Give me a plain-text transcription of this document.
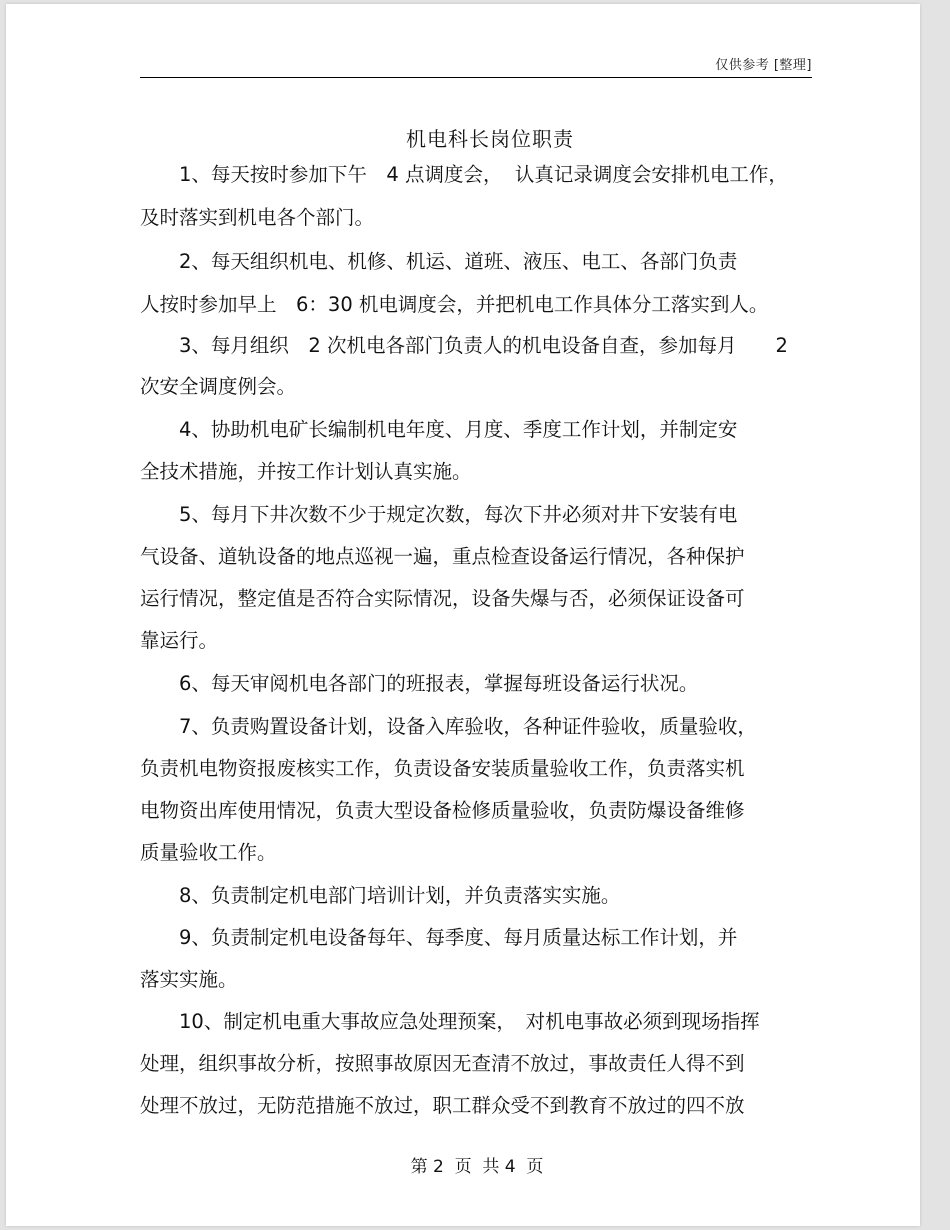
仅供参考 [整理]
机电科长岗位职责
　　1、每天按时参加下午　4 点调度会，  认真记录调度会安排机电工作，
及时落实到机电各个部门。
　　2、每天组织机电、机修、机运、道班、液压、电工、各部门负责
人按时参加早上　6：30 机电调度会，并把机电工作具体分工落实到人。
　　3、每月组织　2 次机电各部门负责人的机电设备自查，参加每月　　2
次安全调度例会。
　　4、协助机电矿长编制机电年度、月度、季度工作计划，并制定安
全技术措施，并按工作计划认真实施。
　　5、每月下井次数不少于规定次数，每次下井必须对井下安装有电
气设备、道轨设备的地点巡视一遍，重点检查设备运行情况，各种保护
运行情况，整定值是否符合实际情况，设备失爆与否，必须保证设备可
靠运行。
　　6、每天审阅机电各部门的班报表，掌握每班设备运行状况。
　　7、负责购置设备计划，设备入库验收，各种证件验收，质量验收，
负责机电物资报废核实工作，负责设备安装质量验收工作，负责落实机
电物资出库使用情况，负责大型设备检修质量验收，负责防爆设备维修
质量验收工作。
　　8、负责制定机电部门培训计划，并负责落实实施。
　　9、负责制定机电设备每年、每季度、每月质量达标工作计划，并
落实实施。
　　10、制定机电重大事故应急处理预案，　对机电事故必须到现场指挥
处理，组织事故分析，按照事故原因无查清不放过，事故责任人得不到
处理不放过，无防范措施不放过，职工群众受不到教育不放过的四不放
第 2  页  共 4  页
